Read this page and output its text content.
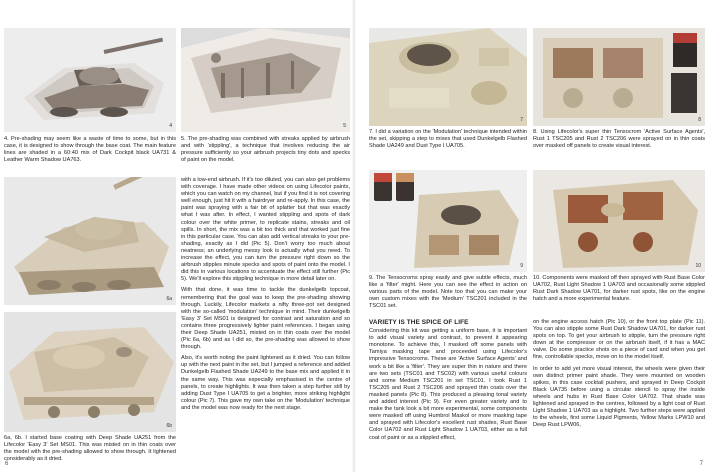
4	5
4. Pre-shading may seem like a waste of time to some, but in this case, it is designed to show through the base coat. The main feature lines are shaded in a 60:40 mix of Dark Cockpit black UA731 & Leather Warm Shadow UA763.
5. The pre-shading was combined with streaks applied by airbrush and with 'stippling', a technique that involves reducing the air pressure sufficiently so your airbrush projects tiny dots and specks of paint on the model.
6a
6b
6a, 6b. I started base coating with Deep Shade UA251 from the Lifecolor 'Easy 3' Set MS01. This was misted on in thin coats over the model with the pre-shading allowed to show through. It lightened considerably as it dried.

with a low-end airbrush. If it's too diluted, you can also get problems with coverage. I have made other videos on using Lifecolor paints, which you can watch on my channel, but if you find it is not covering well enough, just hit it with a hairdryer and re-apply. In this case, the paint was spraying with a fair bit of splatter but that was exactly what I was after. In effect, I wanted stippling and spots of dark colour over the white primer, to replicate stains, streaks and oil spills. In short, the mix was a bit too thick and that worked just fine in this particular case. You can also add vertical streaks to your pre-shading, exactly as I did (Pic 5). Don't worry too much about neatness; an underlying messy look is actually what you need. To increase the effect, you can turn the pressure right down so the airbrush stipples minute specks and spots of paint onto the model. I did this in various locations to accentuate the effect still further (Pic 5). We'll explore this stippling technique in more detail later on.

With that done, it was time to tackle the dunkelgelb topcoat, remembering that the goal was to keep the pre-shading showing through. Luckily, Lifecolor markets a nifty three-pot set designed with the so-called 'modulation' technique in mind. Their dunkelgelb 'Easy 3' Set MS01 is designed for contrast and saturation and so contains three progressively lighter paint references. I began using their Deep Shade UA251, misted on in thin coats over the model (Pic 6a, 6b) and as I did so, the pre-shading was allowed to show through.

Also, it's worth noting the paint lightened as it dried. You can follow up with the next paint in the set, but I jumped a reference and added Dunkelgelb Flashed Shade UA249 to the base mix and applied it in the same way. This was especially emphasised in the centre of panels, to create highlights. It was then taken a step further still by adding Dust Type I UA705 to get a brighter, more striking highlight colour (Pic 7). This gave my own take on the 'Modulation' technique and the model was now ready for the next stage.

6
7	8
7. I did a variation on the 'Modulation' technique intended within the set, skipping a step to mixes that used Dunkelgelb Flashed Shade UA249 and Dust Type I UA705.
8. Using Lifecolor's super thin Tensocrom 'Active Surface Agents', Rust 1 TSC205 and Rust 2 TSC206 were sprayed on in thin coats over masked off panels to create visual interest.
9	10
9. The Tensocroms spray easily and give subtle effects, much like a 'filter' might. Here you can see the effect in action on various parts of the model. Note too that you can make your own custom mixes with the 'Medium' TSC201 included in the TSC01 set.
10. Components were masked off then sprayed with Rust Base Color UA702, Rust Light Shadow 1 UA703 and occasionally some stippled Rust Dark Shadow UA701, for darker rust spots, like on the engine hatch and a more experimental feature.
VARIETY IS THE SPICE OF LIFE

Considering this kit was getting a uniform base, it is important to add visual variety and contrast, to prevent it appearing monotone. To achieve this, I masked off some panels with Tamiya masking tape and proceeded using Lifecolor's impressive Tensocroms. These are 'Active Surface Agents' and work a bit like a 'filter'. They are super thin in nature and there are two sets (TSC01 and TSC02) with various useful colours and some Medium TSC201 in set TSC01. I took Rust 1 TSC205 and Rust 2 TSC206 and sprayed thin coats over the masked panels (Pic 8). This produced a pleasing tonal variety and added interest (Pic 9). For even greater variety and to make the tank look a bit more experimental, some components were masked off using Humbrol Maskol or more masking tape and sprayed with Lifecolor's excellent rust shades, Rust Base Color UA702 and Rust Light Shadow 1 UA703, either as a full coat of paint or as a stippled effect,

on the engine access hatch (Pic 10), or the front top plate (Pic 11). You can also stipple some Rust Dark Shadow UA701, for darker rust spots on top. To get your airbrush to stipple, turn the pressure right down at the compressor or on the airbrush itself, if it has a MAC valve. Do some practice shots on a piece of card and when you get fine, controllable specks, move on to the model itself.

In order to add yet more visual interest, the wheels were given their own distinct primer paint shade. They were mounted on wooden spikes, in this case cocktail pushers, and sprayed in Deep Cockpit Black UA735 before using a circular stencil to spray the inside wheels and hubs in Rust Base Color UA702. That shade was lightened and sprayed in the centres, followed by a light coat of Rust Light Shadow 1 UA703 as a highlight. Two further steps were applied to the wheels, first some Liquid Pigments, Yellow Marks LPW10 and Deep Rust LPW06,

7
